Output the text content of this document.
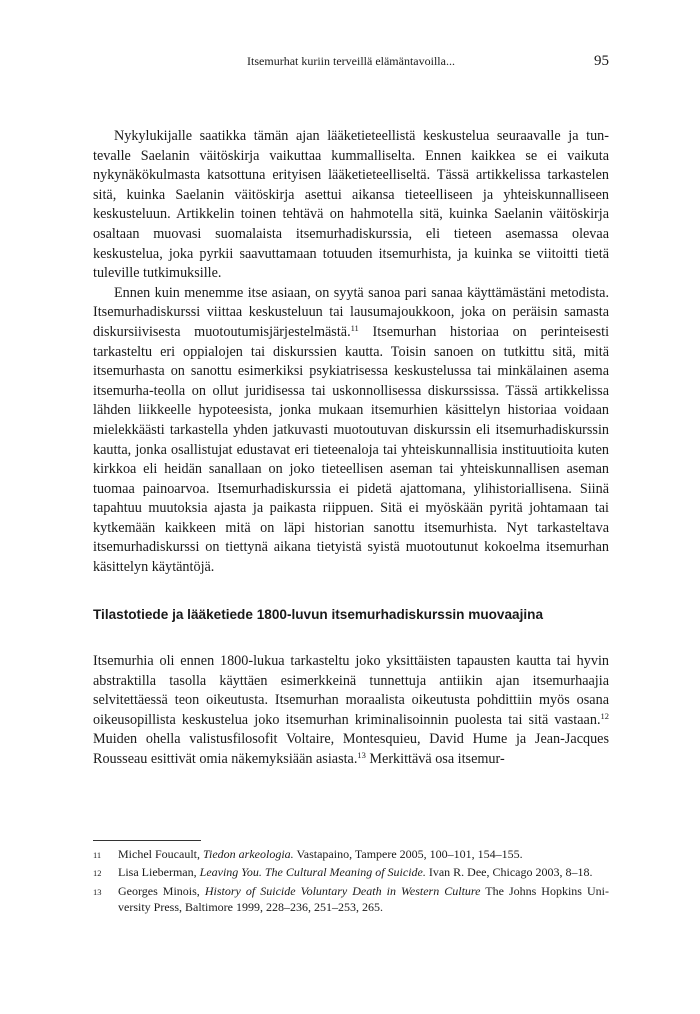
Itsemurhat kuriin terveillä elämäntavoilla...	95

Nykylukijalle saatikka tämän ajan lääketieteellistä keskustelua seuraavalle ja tuntevalle Saelanin väitöskirja vaikuttaa kummalliselta. Ennen kaikkea se ei vaikuta nykynäkökulmasta katsottuna erityisen lääketieteelliseltä. Tässä artikkelissa tarkastelen sitä, kuinka Saelanin väitöskirja asettui aikansa tieteelliseen ja yhteiskunnalliseen keskusteluun. Artikkelin toinen tehtävä on hahmotella sitä, kuinka Saelanin väitöskirja osaltaan muovasi suomalaista itsemurhadiskurssia, eli tieteen asemassa olevaa keskustelua, joka pyrkii saavuttamaan totuuden itsemurhista, ja kuinka se viitoitti tietä tuleville tutkimuksille.

Ennen kuin menemme itse asiaan, on syytä sanoa pari sanaa käyttämästäni metodista. Itsemurhadiskurssi viittaa keskusteluun tai lausumajoukkoon, joka on peräisin samasta diskursiivisesta muotoutumisjärjestelmästä.$^{11}$ Itsemurhan historiaa on perinteisesti tarkasteltu eri oppialojen tai diskurssien kautta. Toisin sanoen on tutkittu sitä, mitä itsemurhasta on sanottu esimerkiksi psykiatrisessa keskustelussa tai minkälainen asema itsemurha-teolla on ollut juridisessa tai uskonnollisessa diskurssissa. Tässä artikkelissa lähden liikkeelle hypoteesista, jonka mukaan itsemurhien käsittelyn historiaa voidaan mielekkäästi tarkastella yhden jatkuvasti muotoutuvan diskurssin eli itsemurhadiskurssin kautta, jonka osallistujat edustavat eri tieteenaloja tai yhteiskunnallisia instituutioita kuten kirkkoa eli heidän sanallaan on joko tieteellisen aseman tai yhteiskunnallisen aseman tuomaa painoarvoa. Itsemurhadiskurssia ei pidetä ajattomana, ylihistoriallisena. Siinä tapahtuu muutoksia ajasta ja paikasta riippuen. Sitä ei myöskään pyritä johtamaan tai kytkemään kaikkeen mitä on läpi historian sanottu itsemurhista. Nyt tarkasteltava itsemurhadiskurssi on tiettynä aikana tietyistä syistä muotoutunut kokoelma itsemurhan käsittelyn käytäntöjä.

Tilastotiede ja lääketiede 1800-luvun itsemurhadiskurssin muovaajina

Itsemurhia oli ennen 1800-lukua tarkasteltu joko yksittäisten tapausten kautta tai hyvin abstraktilla tasolla käyttäen esimerkkeinä tunnettuja antiikin ajan itsemurhaajia selvitettäessä teon oikeutusta. Itsemurhan moraalista oikeutusta pohdittiin myös osana oikeusopillista keskustelua joko itsemurhan kriminalisoinnin puolesta tai sitä vastaan.$^{12}$ Muiden ohella valistusfilosofit Voltaire, Montesquieu, David Hume ja Jean-Jacques Rousseau esittivät omia näkemyksiään asiasta.$^{13}$ Merkittävä osa itsemur-

11 Michel Foucault, Tiedon arkeologia. Vastapaino, Tampere 2005, 100–101, 154–155.
12 Lisa Lieberman, Leaving You. The Cultural Meaning of Suicide. Ivan R. Dee, Chicago 2003, 8–18.
13 Georges Minois, History of Suicide Voluntary Death in Western Culture The Johns Hopkins University Press, Baltimore 1999, 228–236, 251–253, 265.
